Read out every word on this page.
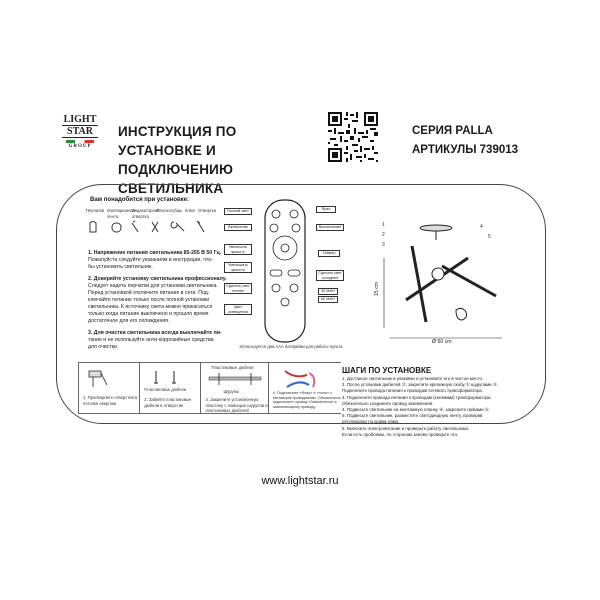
LIGHT
STAR
GROUP
ИНСТРУКЦИЯ ПО УСТАНОВКЕ И
ПОДКЛЮЧЕНИЮ СВЕТИЛЬНИКА
СЕРИЯ PALLA
АРТИКУЛЫ 739013
Вам понадобится при установке:
Перчатки Изоляционная лента
Индикаторная отвертка
Плоскогубцы Ключ Отвертка
1. Напряжение питания светильника 85-265 В 50 Гц.
Пожалуйста следуйте указаниям в инструкции, что-
бы установить светильник.
2. Доверяйте установку светильника профессионалу.
Следует надеть перчатки для установки светильника.
Перед установкой отключите питание в сети. Под-
ключайте питание только после полной установки
светильника. К источнику света можно прикасаться
только когда питание выключено и прошло время
достаточное для его охлаждения.
3. Для очистки светильника всегда выключайте пи-
тание и не используйте анти-коррозийные средства
для очистки.
Ночной свет	Ярко
Включение	Выключение
Увеличить яркость	Таймер
Уменьшить яркость
Сделать свет теплее
Сделать свет холоднее
Цвет освещения
30 МИН
60 МИН
Используется два ААА батарейки для работы пульта
1
2
3
4
5
15 cm
Ø 60 cm
1. Просверлите отверстия в потолке сверлом
Пластиковые дюбели
2. Забейте пластиковые дюбели в отверстия
Пластиковые дюбели
Шурупы
3. Закрепите установочную пластину с помощью шурупов и пластиковых дюбелей
4. Подключите «Фазу» и «ноль» к питающим проводникам. Обязательно подключите провод «Заземления» к заземляющему проводу.
ШАГИ ПО УСТАНОВКЕ
1. Достаньте светильник и упаковки и установите его в чистое место.
2. После установки дюбелей ②, закрепите крепежную скобу ① шурупами ③.
Подключите провода питания к проводам сетевого трансформатора.
3. Подключите провода питания к проводам (клеммам) трансформатора.
Обязательно соедините провод заземления.
4. Подвесьте светильник на монтажную планку ④, закрепите гайками ⑤.
5. Подвесьте светильник, разместите светодиодную ленту, проверив
регулировку по краям ламп.
6. Включите электропитание и проверьте работу светильника.
Если есть проблемы, по сторонам заново проверьте это.
www.lightstar.ru
